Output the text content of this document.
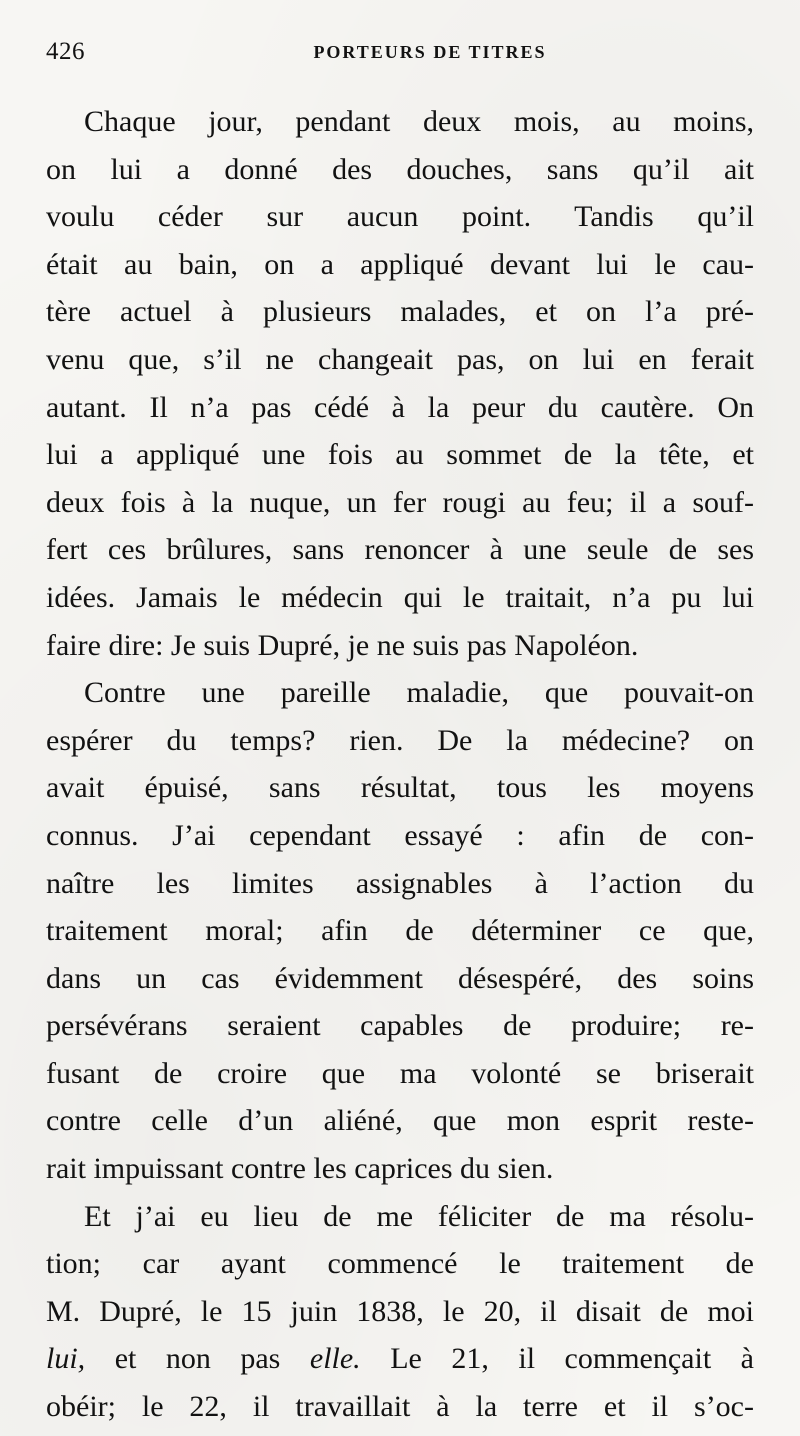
426	PORTEURS DE TITRES
Chaque jour, pendant deux mois, au moins,
on lui a donné des douches, sans qu’il ait
voulu céder sur aucun point. Tandis qu’il
était au bain, on a appliqué devant lui le cau-
tère actuel à plusieurs malades, et on l’a pré-
venu que, s’il ne changeait pas, on lui en ferait
autant. Il n’a pas cédé à la peur du cautère. On
lui a appliqué une fois au sommet de la tête, et
deux fois à la nuque, un fer rougi au feu; il a souf-
fert ces brûlures, sans renoncer à une seule de ses
idées. Jamais le médecin qui le traitait, n’a pu lui
faire dire: Je suis Dupré, je ne suis pas Napoléon.
Contre une pareille maladie, que pouvait-on
espérer du temps? rien. De la médecine? on
avait épuisé, sans résultat, tous les moyens
connus. J’ai cependant essayé : afin de con-
naître les limites assignables à l’action du
traitement moral; afin de déterminer ce que,
dans un cas évidemment désespéré, des soins
persévérans seraient capables de produire; re-
fusant de croire que ma volonté se briserait
contre celle d’un aliéné, que mon esprit reste-
rait impuissant contre les caprices du sien.
Et j’ai eu lieu de me féliciter de ma résolu-
tion; car ayant commencé le traitement de
M. Dupré, le 15 juin 1838, le 20, il disait de moi
lui, et non pas elle. Le 21, il commençait à
obéir; le 22, il travaillait à la terre et il s’oc-
